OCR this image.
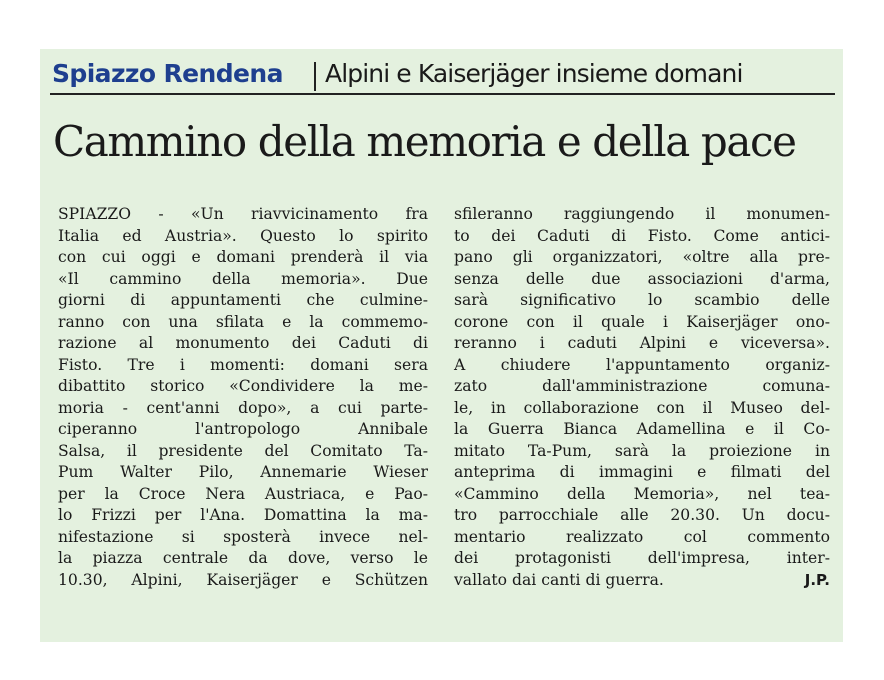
Spiazzo Rendena Alpini e Kaiserjäger insieme domani
Cammino della memoria e della pace
SPIAZZO - «Un riavvicinamento fra
Italia ed Austria». Questo lo spirito
con cui oggi e domani prenderà il via
«Il cammino della memoria». Due
giorni di appuntamenti che culmine-
ranno con una sfilata e la commemo-
razione al monumento dei Caduti di
Fisto. Tre i momenti: domani sera
dibattito storico «Condividere la me-
moria - cent'anni dopo», a cui parte-
ciperanno l'antropologo Annibale
Salsa, il presidente del Comitato Ta-
Pum Walter Pilo, Annemarie Wieser
per la Croce Nera Austriaca, e Pao-
lo Frizzi per l'Ana. Domattina la ma-
nifestazione si sposterà invece nel-
la piazza centrale da dove, verso le
10.30, Alpini, Kaiserjäger e Schützen
sfileranno raggiungendo il monumen-
to dei Caduti di Fisto. Come antici-
pano gli organizzatori, «oltre alla pre-
senza delle due associazioni d'arma,
sarà significativo lo scambio delle
corone con il quale i Kaiserjäger ono-
reranno i caduti Alpini e viceversa».
A chiudere l'appuntamento organiz-
zato dall'amministrazione comuna-
le, in collaborazione con il Museo del-
la Guerra Bianca Adamellina e il Co-
mitato Ta-Pum, sarà la proiezione in
anteprima di immagini e filmati del
«Cammino della Memoria», nel tea-
tro parrocchiale alle 20.30. Un docu-
mentario realizzato col commento
dei protagonisti dell'impresa, inter-
vallato dai canti di guerra.	J.P.
